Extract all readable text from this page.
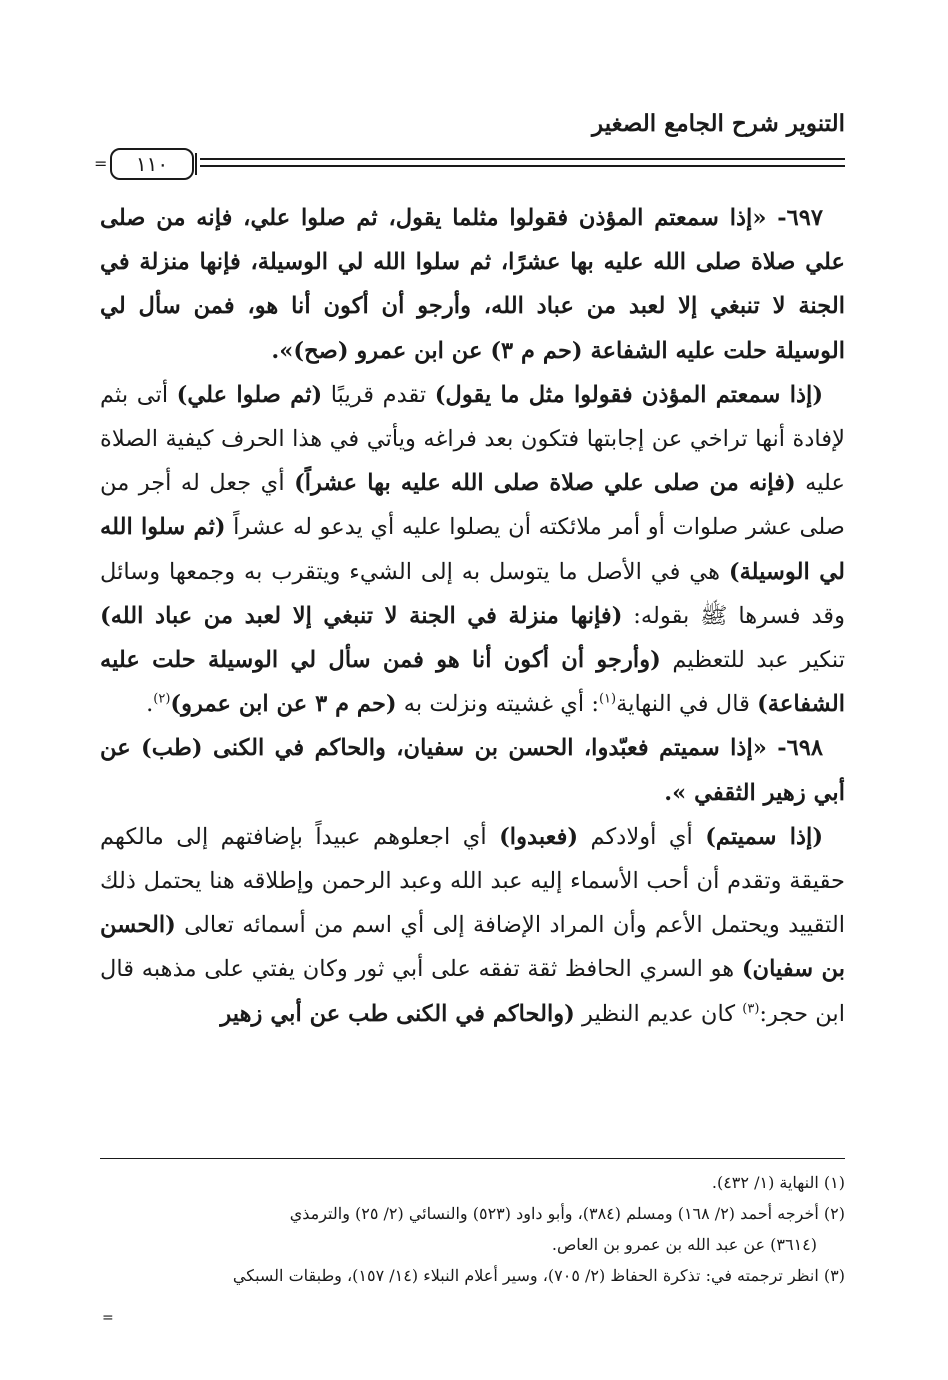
التنوير شرح الجامع الصغير
=	١١٠

٦٩٧- «إذا سمعتم المؤذن فقولوا مثلما يقول، ثم صلوا علي، فإنه من صلى علي صلاة صلى الله عليه بها عشرًا، ثم سلوا الله لي الوسيلة، فإنها منزلة في الجنة لا تنبغي إلا لعبد من عباد الله، وأرجو أن أكون أنا هو، فمن سأل لي الوسيلة حلت عليه الشفاعة (حم م ٣) عن ابن عمرو (صح)».

(إذا سمعتم المؤذن فقولوا مثل ما يقول) تقدم قريبًا (ثم صلوا علي) أتى بثم لإفادة أنها تراخي عن إجابتها فتكون بعد فراغه ويأتي في هذا الحرف كيفية الصلاة عليه (فإنه من صلى علي صلاة صلى الله عليه بها عشراً) أي جعل له أجر من صلى عشر صلوات أو أمر ملائكته أن يصلوا عليه أي يدعو له عشراً (ثم سلوا الله لي الوسيلة) هي في الأصل ما يتوسل به إلى الشيء ويتقرب به وجمعها وسائل وقد فسرها ﷺ بقوله: (فإنها منزلة في الجنة لا تنبغي إلا لعبد من عباد الله) تنكير عبد للتعظيم (وأرجو أن أكون أنا هو فمن سأل لي الوسيلة حلت عليه الشفاعة) قال في النهاية$^{(١)}$: أي غشيته ونزلت به (حم م ٣ عن ابن عمرو)$^{(٢)}$.

٦٩٨- «إذا سميتم فعبّدوا، الحسن بن سفيان، والحاكم في الكنى (طب) عن أبي زهير الثقفي ».

(إذا سميتم) أي أولادكم (فعبدوا) أي اجعلوهم عبيداً بإضافتهم إلى مالكهم حقيقة وتقدم أن أحب الأسماء إليه عبد الله وعبد الرحمن وإطلاقه هنا يحتمل ذلك التقييد ويحتمل الأعم وأن المراد الإضافة إلى أي اسم من أسمائه تعالى (الحسن بن سفيان) هو السري الحافظ ثقة تفقه على أبي ثور وكان يفتي على مذهبه قال ابن حجر:$^{(٣)}$ كان عديم النظير (والحاكم في الكنى طب عن أبي زهير

(١) النهاية (١/ ٤٣٢).

(٢) أخرجه أحمد (٢/ ١٦٨) ومسلم (٣٨٤)، وأبو داود (٥٢٣) والنسائي (٢/ ٢٥) والترمذي

(٣٦١٤) عن عبد الله بن عمرو بن العاص.

(٣) انظر ترجمته في: تذكرة الحفاظ (٢/ ٧٠٥)، وسير أعلام النبلاء (١٤/ ١٥٧)، وطبقات السبكي

=
